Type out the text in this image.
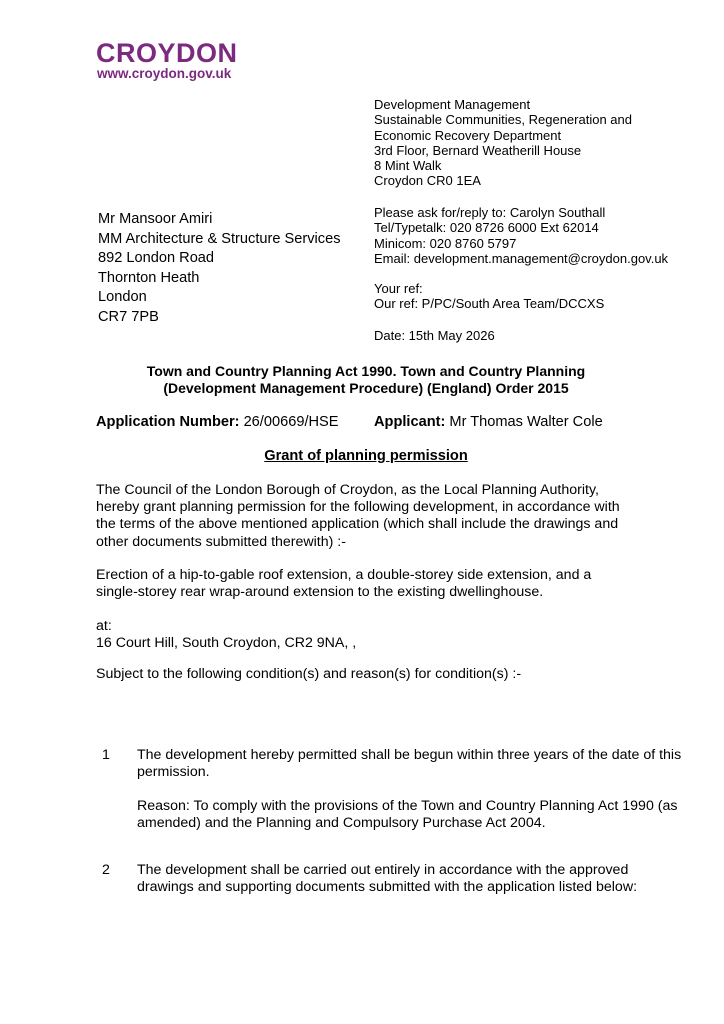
CROYDON
www.croydon.gov.uk
Development Management
Sustainable Communities, Regeneration and
Economic Recovery Department
3rd Floor, Bernard Weatherill House
8 Mint Walk
Croydon CR0 1EA
Mr Mansoor Amiri
MM Architecture & Structure Services
892 London Road
Thornton Heath
London
CR7 7PB
Please ask for/reply to: Carolyn Southall
Tel/Typetalk: 020 8726 6000 Ext 62014
Minicom: 020 8760 5797
Email: development.management@croydon.gov.uk
Your ref:
Our ref: P/PC/South Area Team/DCCXS
Date: 15th May 2026
Town and Country Planning Act 1990. Town and Country Planning
(Development Management Procedure) (England) Order 2015
Application Number: 26/00669/HSE Applicant: Mr Thomas Walter Cole
Grant of planning permission
The Council of the London Borough of Croydon, as the Local Planning Authority,
hereby grant planning permission for the following development, in accordance with
the terms of the above mentioned application (which shall include the drawings and
other documents submitted therewith) :-
Erection of a hip-to-gable roof extension, a double-storey side extension, and a
single-storey rear wrap-around extension to the existing dwellinghouse.
at:
16 Court Hill, South Croydon, CR2 9NA, ,
Subject to the following condition(s) and reason(s) for condition(s) :-
1 The development hereby permitted shall be begun within three years of the date of this
permission.
Reason: To comply with the provisions of the Town and Country Planning Act 1990 (as
amended) and the Planning and Compulsory Purchase Act 2004.
2 The development shall be carried out entirely in accordance with the approved
drawings and supporting documents submitted with the application listed below:
